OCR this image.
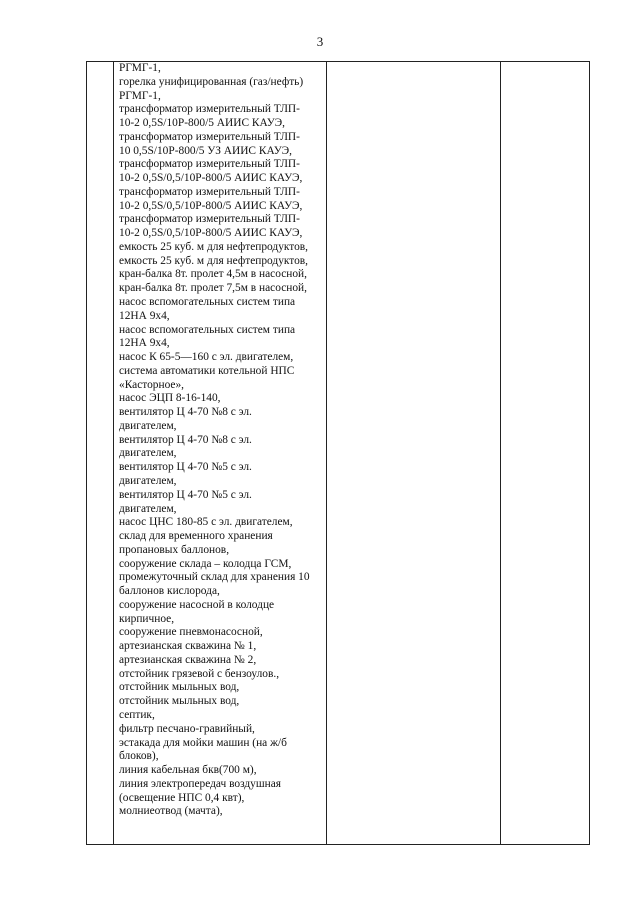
3
РГМГ-1,
горелка унифицированная (газ/нефть)
РГМГ-1,
трансформатор измерительный ТЛП-
10-2 0,5S/10Р-800/5 АИИС КАУЭ,
трансформатор измерительный ТЛП-
10 0,5S/10Р-800/5 УЗ АИИС КАУЭ,
трансформатор измерительный ТЛП-
10-2 0,5S/0,5/10Р-800/5 АИИС КАУЭ,
трансформатор измерительный ТЛП-
10-2 0,5S/0,5/10Р-800/5 АИИС КАУЭ,
трансформатор измерительный ТЛП-
10-2 0,5S/0,5/10Р-800/5 АИИС КАУЭ,
емкость 25 куб. м для нефтепродуктов,
емкость 25 куб. м для нефтепродуктов,
кран-балка 8т. пролет 4,5м в насосной,
кран-балка 8т. пролет 7,5м в насосной,
насос вспомогательных систем типа
12НА 9х4,
насос вспомогательных систем типа
12НА 9х4,
насос К 65-5—160 с эл. двигателем,
система автоматики котельной НПС
«Касторное»,
насос ЭЦП 8-16-140,
вентилятор Ц 4-70 №8 с эл.
двигателем,
вентилятор Ц 4-70 №8 с эл.
двигателем,
вентилятор Ц 4-70 №5 с эл.
двигателем,
вентилятор Ц 4-70 №5 с эл.
двигателем,
насос ЦНС 180-85 с эл. двигателем,
склад для временного хранения
пропановых баллонов,
сооружение склада – колодца ГСМ,
промежуточный склад для хранения 10
баллонов кислорода,
сооружение насосной в колодце
кирпичное,
сооружение пневмонасосной,
артезианская скважина № 1,
артезианская скважина № 2,
отстойник грязевой с бензоулов.,
отстойник мыльных вод,
отстойник мыльных вод,
септик,
фильтр песчано-гравийный,
эстакада для мойки машин (на ж/б
блоков),
линия кабельная бкв(700 м),
линия электропередач воздушная
(освещение НПС 0,4 квт),
молниеотвод (мачта),
